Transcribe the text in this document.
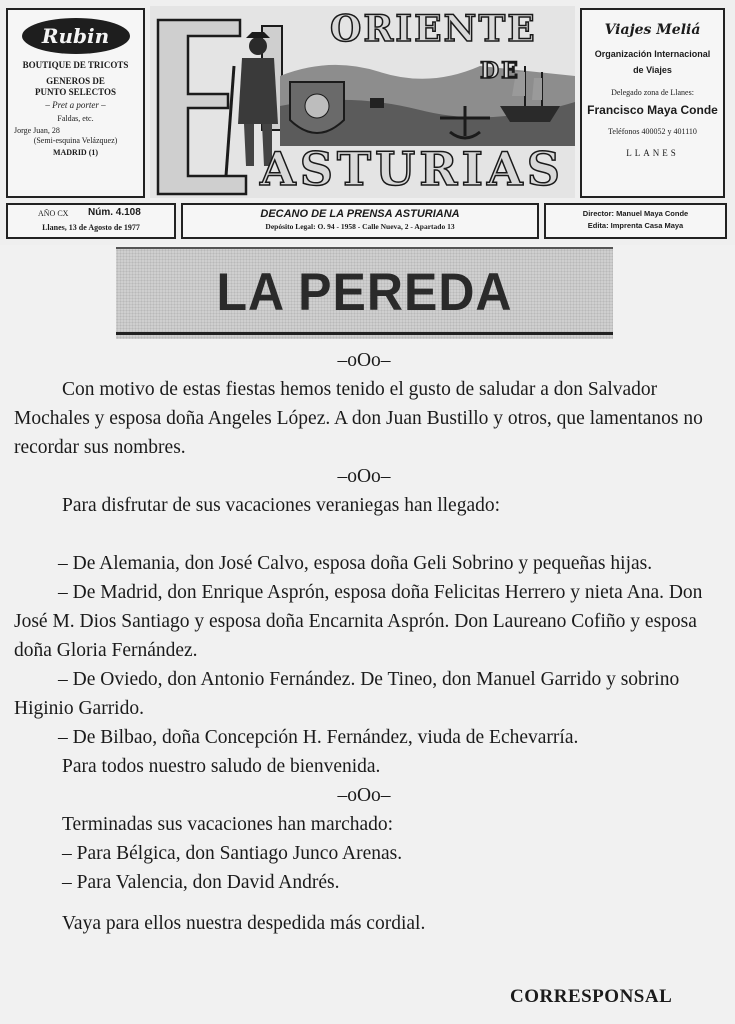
Rubin
BOUTIQUE DE TRICOTS
GENEROS DE
PUNTO SELECTOS
– Pret a porter –
Faldas, etc.
Jorge Juan, 28
(Semi-esquina Velázquez)
MADRID (1)
ORIENTE
DE
ASTURIAS
Viajes Meliá
Organización Internacional
de Viajes
Delegado zona de Llanes:
Francisco Maya Conde
Teléfonos 400052 y 401110
LLANES
AÑO CX Núm. 4.108
Llanes, 13 de Agosto de 1977
DECANO DE LA PRENSA ASTURIANA
Depósito Legal: O. 94 - 1958 - Calle Nueva, 2 - Apartado 13
Director: Manuel Maya Conde
Edita: Imprenta Casa Maya
LA PEREDA

–oOo–

Con motivo de estas fiestas hemos tenido el gusto de saludar a don Salvador Mochales y esposa doña Angeles López. A don Juan Bustillo y otros, que lamentanos no recordar sus nombres.

–oOo–

Para disfrutar de sus vacaciones veraniegas han llegado:

– De Alemania, don José Calvo, esposa doña Geli Sobrino y pequeñas hijas.

– De Madrid, don Enrique Asprón, esposa doña Felicitas Herrero y nieta Ana. Don José M. Dios Santiago y esposa doña Encarnita Asprón. Don Laureano Cofiño y esposa doña Gloria Fernández.

– De Oviedo, don Antonio Fernández. De Tineo, don Manuel Garrido y sobrino Higinio Garrido.

– De Bilbao, doña Concepción H. Fernández, viuda de Echevarría.

Para todos nuestro saludo de bienvenida.

–oOo–

Terminadas sus vacaciones han marchado:

– Para Bélgica, don Santiago Junco Arenas.

– Para Valencia, don David Andrés.

Vaya para ellos nuestra despedida más cordial.

CORRESPONSAL
